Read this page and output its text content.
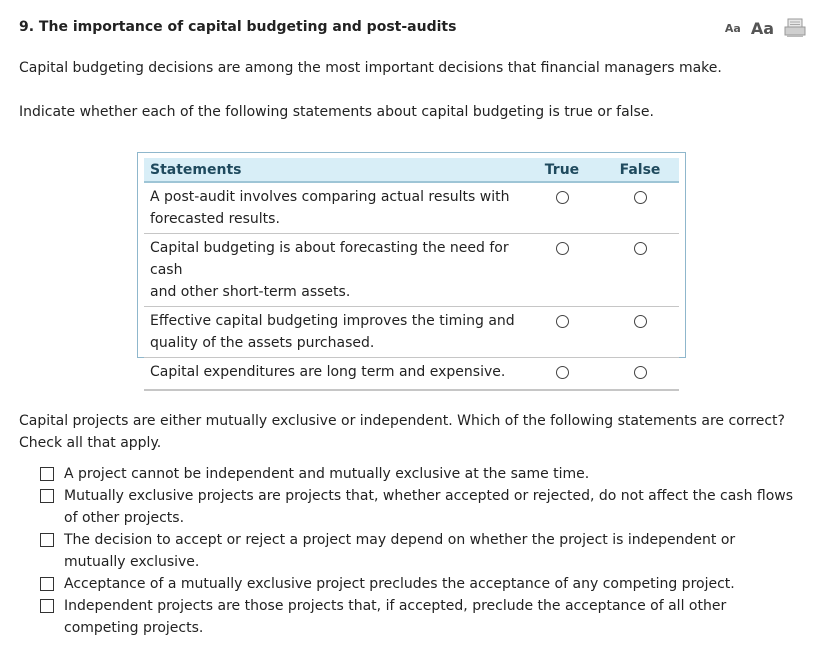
9. The importance of capital budgeting and post-audits	Aa Aa
Capital budgeting decisions are among the most important decisions that financial managers make.
Indicate whether each of the following statements about capital budgeting is true or false.
Statements	True	False

A post-audit involves comparing actual results with
forecasted results.		

Capital budgeting is about forecasting the need for cash
and other short-term assets.		

Effective capital budgeting improves the timing and
quality of the assets purchased.		

Capital expenditures are long term and expensive.		

Capital projects are either mutually exclusive or independent. Which of the following statements are correct? Check all that apply.
A project cannot be independent and mutually exclusive at the same time.
Mutually exclusive projects are projects that, whether accepted or rejected, do not affect the cash flows of other projects.
The decision to accept or reject a project may depend on whether the project is independent or mutually exclusive.
Acceptance of a mutually exclusive project precludes the acceptance of any competing project.
Independent projects are those projects that, if accepted, preclude the acceptance of all other competing projects.
